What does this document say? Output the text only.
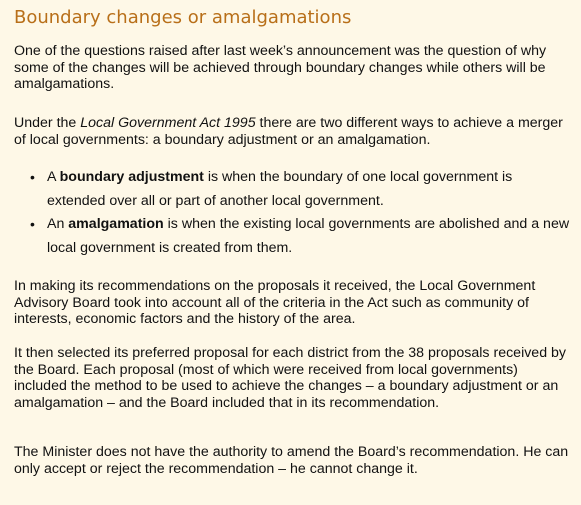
Boundary changes or amalgamations

One of the questions raised after last week’s announcement was the question of why some of the changes will be achieved through boundary changes while others will be amalgamations.

Under the Local Government Act 1995 there are two different ways to achieve a merger of local governments: a boundary adjustment or an amalgamation.

• A boundary adjustment is when the boundary of one local government is extended over all or part of another local government.
• An amalgamation is when the existing local governments are abolished and a new local government is created from them.

In making its recommendations on the proposals it received, the Local Government Advisory Board took into account all of the criteria in the Act such as community of interests, economic factors and the history of the area.

It then selected its preferred proposal for each district from the 38 proposals received by the Board. Each proposal (most of which were received from local governments) included the method to be used to achieve the changes – a boundary adjustment or an amalgamation – and the Board included that in its recommendation.

The Minister does not have the authority to amend the Board’s recommendation. He can only accept or reject the recommendation – he cannot change it.
